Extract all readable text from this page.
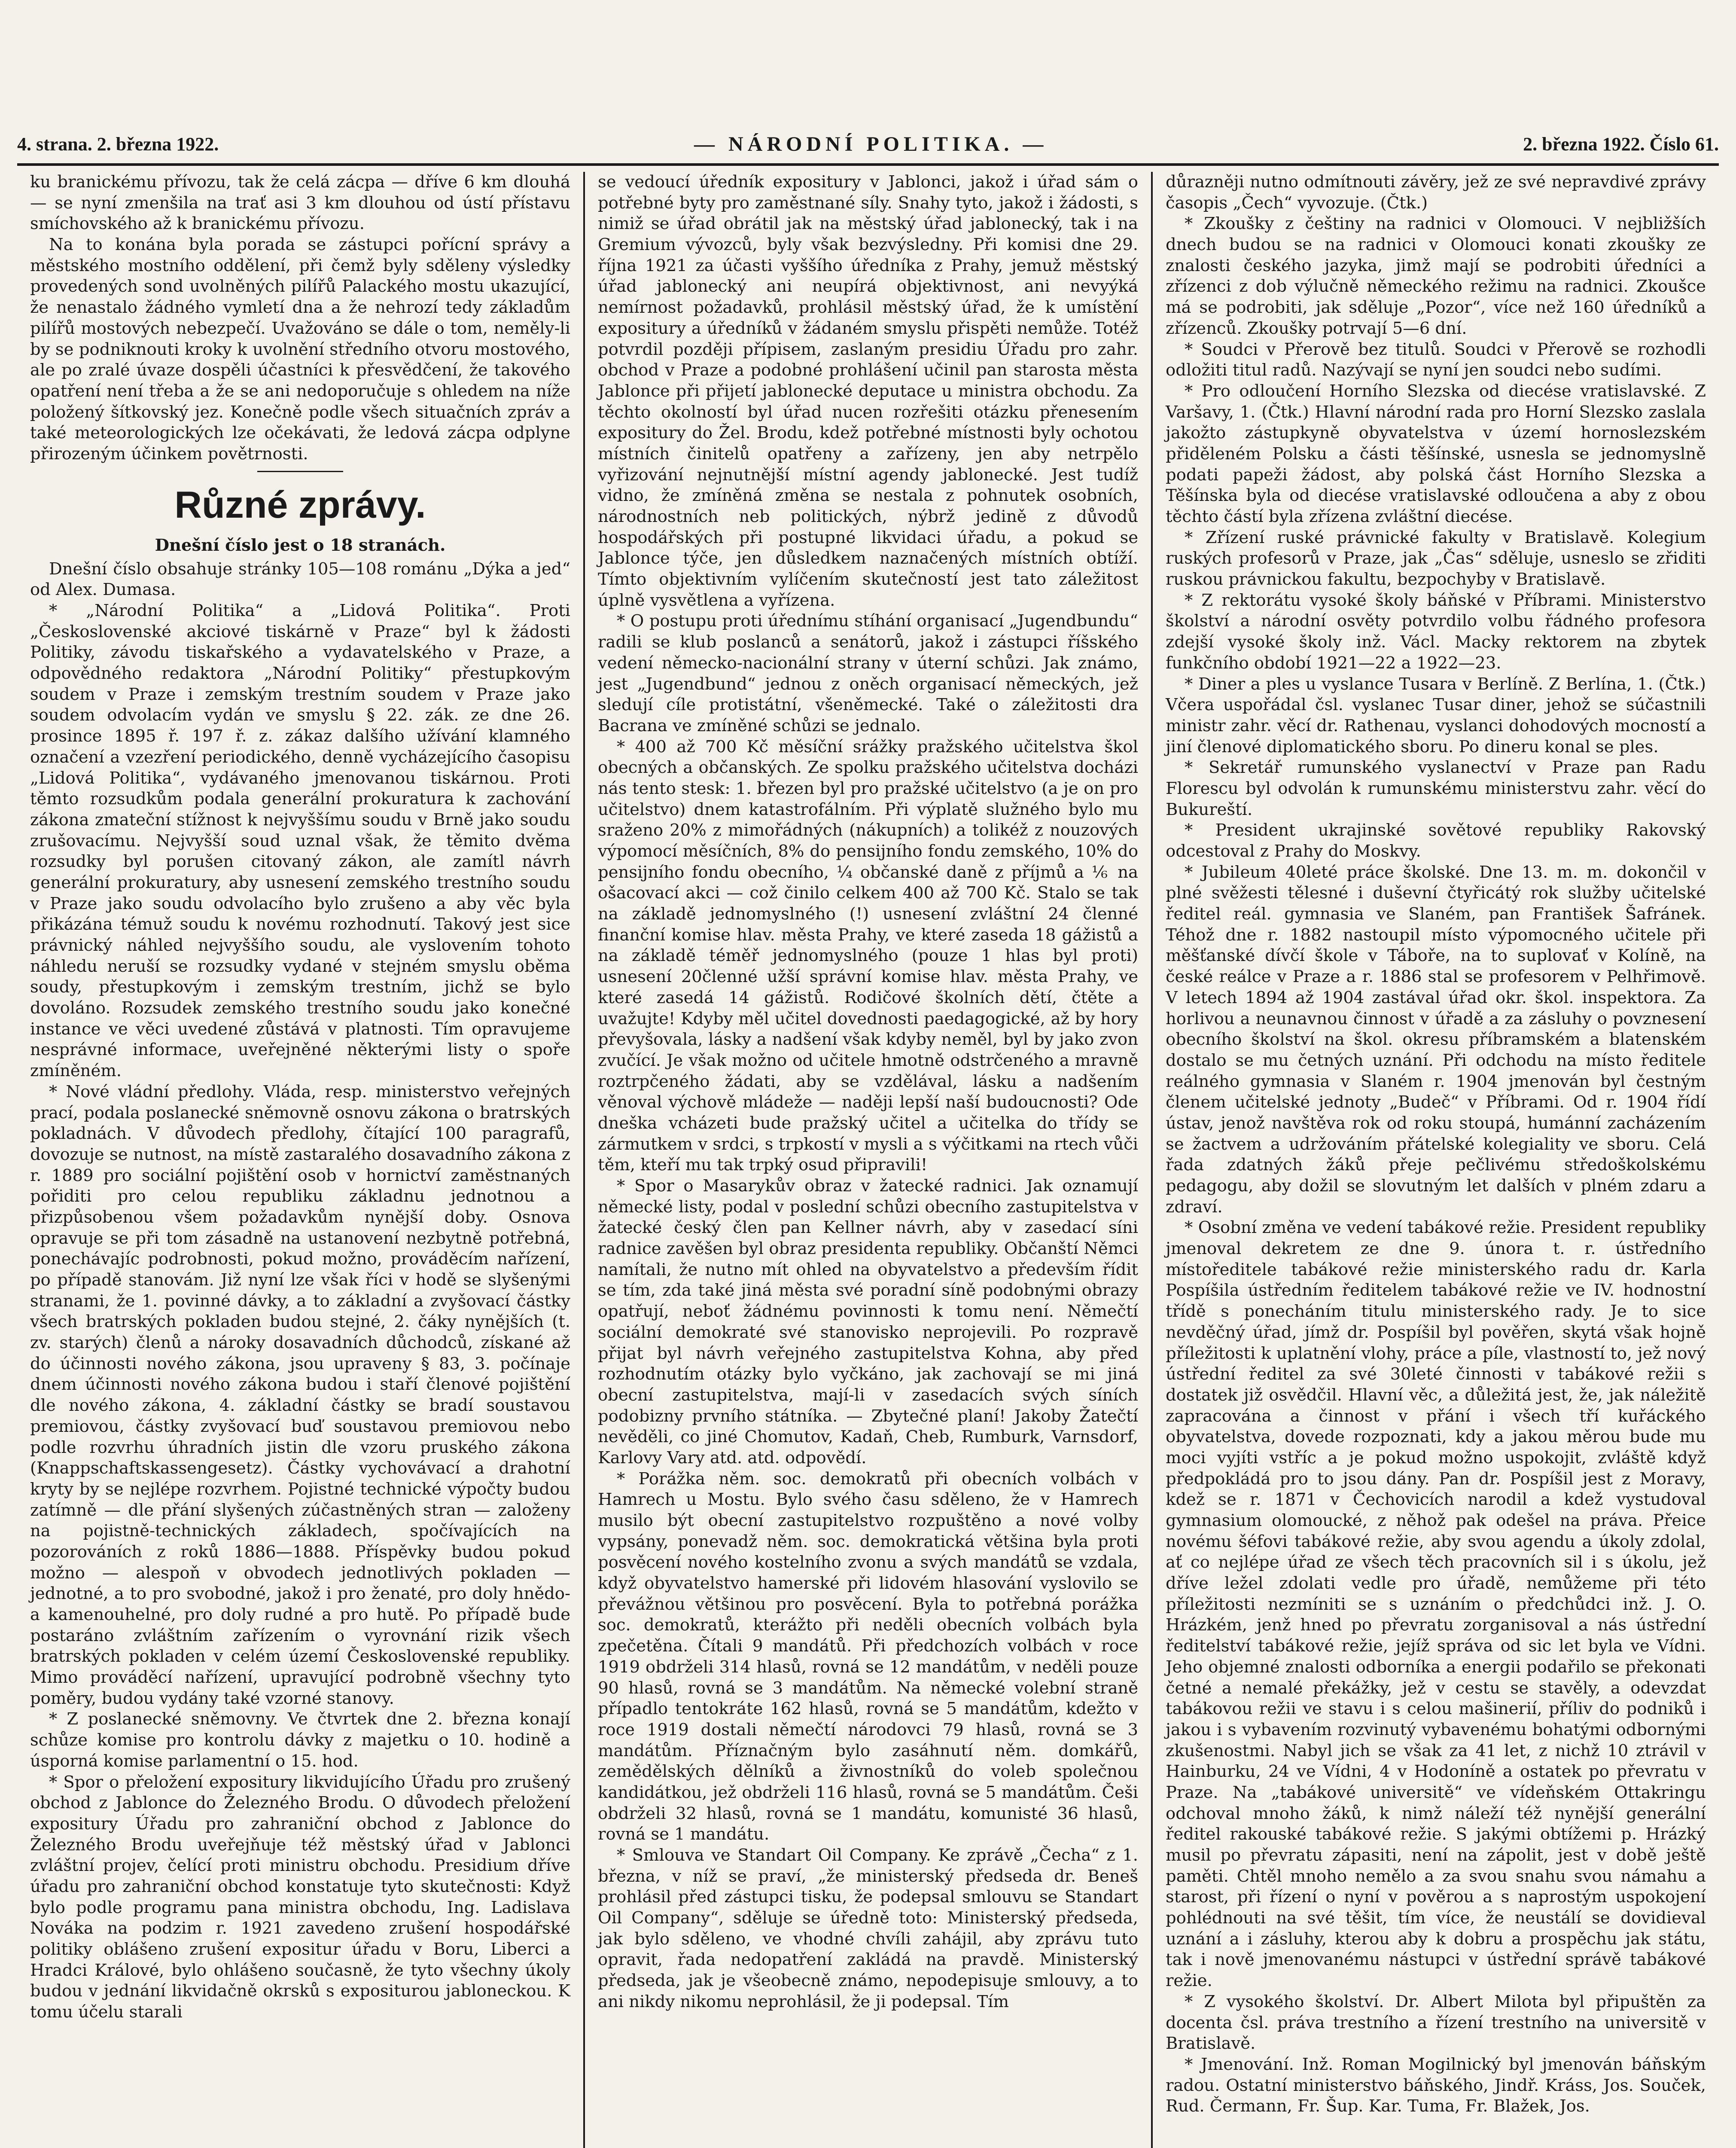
4. strana. 2. března 1922.	— NÁRODNÍ POLITIKA. —	2. března 1922. Číslo 61.

ku branickému přívozu, tak že celá zácpa — dříve 6 km dlouhá — se nyní zmenšila na trať asi 3 km dlouhou od ústí přístavu smíchovského až k branickému přívozu.

Na to konána byla porada se zástupci pořícní správy a městského mostního oddělení, při čemž byly sděleny výsledky provedených sond uvolněných pilířů Palackého mostu ukazující, že nenastalo žádného vymletí dna a že nehrozí tedy základům pilířů mostových nebezpečí. Uvažováno se dále o tom, neměly-li by se podniknouti kroky k uvolnění středního otvoru mostového, ale po zralé úvaze dospěli účastníci k přesvědčení, že takového opatření není třeba a že se ani nedoporučuje s ohledem na níže položený šítkovský jez. Konečně podle všech situačních zpráv a také meteorologických lze očekávati, že ledová zácpa odplyne přirozeným účinkem povětrnosti.

Různé zprávy.
Dnešní číslo jest o 18 stranách.

Dnešní číslo obsahuje stránky 105—108 románu „Dýka a jed“ od Alex. Dumasa.

* „Národní Politika“ a „Lidová Politika“. Proti „Československé akciové tiskárně v Praze“ byl k žádosti Politiky, závodu tiskařského a vydavatelského v Praze, a odpovědného redaktora „Národní Politiky“ přestupkovým soudem v Praze i zemským trestním soudem v Praze jako soudem odvolacím vydán ve smyslu § 22. zák. ze dne 26. prosince 1895 ř. 197 ř. z. zákaz dalšího užívání klamného označení a vzezření periodického, denně vycházejícího časopisu „Lidová Politika“, vydávaného jmenovanou tiskárnou. Proti těmto rozsudkům podala generální prokuratura k zachování zákona zmateční stížnost k nejvyššímu soudu v Brně jako soudu zrušovacímu. Nejvyšší soud uznal však, že těmito dvěma rozsudky byl porušen citovaný zákon, ale zamítl návrh generální prokuratury, aby usnesení zemského trestního soudu v Praze jako soudu odvolacího bylo zrušeno a aby věc byla přikázána témuž soudu k novému rozhodnutí. Takový jest sice právnický náhled nejvyššího soudu, ale vyslovením tohoto náhledu neruší se rozsudky vydané v stejném smyslu oběma soudy, přestupkovým i zemským trestním, jichž se bylo dovoláno. Rozsudek zemského trestního soudu jako konečné instance ve věci uvedené zůstává v platnosti. Tím opravujeme nesprávné informace, uveřejněné některými listy o spoře zmíněném.

* Nové vládní předlohy. Vláda, resp. ministerstvo veřejných prací, podala poslanecké sněmovně osnovu zákona o bratrských pokladnách. V důvodech předlohy, čítající 100 paragrafů, dovozuje se nutnost, na místě zastaralého dosavadního zákona z r. 1889 pro sociální pojištění osob v hornictví zaměstnaných pořiditi pro celou republiku základnu jednotnou a přizpůsobenou všem požadavkům nynější doby. Osnova opravuje se při tom zásadně na ustanovení nezbytně potřebná, ponechávajíc podrobnosti, pokud možno, prováděcím nařízení, po případě stanovám. Již nyní lze však říci v hodě se slyšenými stranami, že 1. povinné dávky, a to základní a zvyšovací částky všech bratrských pokladen budou stejné, 2. čáky nynějších (t. zv. starých) členů a nároky dosavadních důchodců, získané až do účinnosti nového zákona, jsou upraveny § 83, 3. počínaje dnem účinnosti nového zákona budou i staří členové pojištění dle nového zákona, 4. základní částky se bradí soustavou premiovou, částky zvyšovací buď soustavou premiovou nebo podle rozvrhu úhradních jistin dle vzoru pruského zákona (Knappschaftskassengesetz). Částky vychovávací a drahotní kryty by se nejlépe rozvrhem. Pojistné technické výpočty budou zatímně — dle přání slyšených zúčastněných stran — založeny na pojistně-technických základech, spočívajících na pozorováních z roků 1886—1888. Příspěvky budou pokud možno — alespoň v obvodech jednotlivých pokladen — jednotné, a to pro svobodné, jakož i pro ženaté, pro doly hnědo- a kamenouhelné, pro doly rudné a pro hutě. Po případě bude postaráno zvláštním zařízením o vyrovnání rizik všech bratrských pokladen v celém území Československé republiky. Mimo prováděcí nařízení, upravující podrobně všechny tyto poměry, budou vydány také vzorné stanovy.

* Z poslanecké sněmovny. Ve čtvrtek dne 2. března konají schůze komise pro kontrolu dávky z majetku o 10. hodině a úsporná komise parlamentní o 15. hod.

* Spor o přeložení expositury likvidujícího Úřadu pro zrušený obchod z Jablonce do Železného Brodu. O důvodech přeložení expositury Úřadu pro zahraniční obchod z Jablonce do Železného Brodu uveřejňuje též městský úřad v Jablonci zvláštní projev, čelící proti ministru obchodu. Presidium dříve úřadu pro zahraniční obchod konstatuje tyto skutečnosti: Když bylo podle programu pana ministra obchodu, Ing. Ladislava Nováka na podzim r. 1921 zavedeno zrušení hospodářské politiky oblášeno zrušení expositur úřadu v Boru, Liberci a Hradci Králové, bylo ohlášeno současně, že tyto všechny úkoly budou v jednání likvidačně okrsků s expositurou jabloneckou. K tomu účelu starali

se vedoucí úředník expositury v Jablonci, jakož i úřad sám o potřebné byty pro zaměstnané síly. Snahy tyto, jakož i žádosti, s nimiž se úřad obrátil jak na městský úřad jablonecký, tak i na Gremium vývozců, byly však bezvýsledny. Při komisi dne 29. října 1921 za účasti vyššího úředníka z Prahy, jemuž městský úřad jablonecký ani neupírá objektivnost, ani nevyýká nemírnost požadavků, prohlásil městský úřad, že k umístění expositury a úředníků v žádaném smyslu přispěti nemůže. Totéž potvrdil později přípisem, zaslaným presidiu Úřadu pro zahr. obchod v Praze a podobné prohlášení učinil pan starosta města Jablonce při přijetí jablonecké deputace u ministra obchodu. Za těchto okolností byl úřad nucen rozřešiti otázku přenesením expositury do Žel. Brodu, kdež potřebné místnosti byly ochotou místních činitelů opatřeny a zařízeny, jen aby netrpělo vyřizování nejnutnější místní agendy jablonecké. Jest tudíž vidno, že zmíněná změna se nestala z pohnutek osobních, národnostních neb politických, nýbrž jedině z důvodů hospodářských při postupné likvidaci úřadu, a pokud se Jablonce týče, jen důsledkem naznačených místních obtíží. Tímto objektivním vylíčením skutečností jest tato záležitost úplně vysvětlena a vyřízena.

* O postupu proti úřednímu stíhání organisací „Jugendbundu“ radili se klub poslanců a senátorů, jakož i zástupci říšského vedení německo-nacionální strany v úterní schůzi. Jak známo, jest „Jugendbund“ jednou z oněch organisací německých, jež sledují cíle protistátní, všeněmecké. Také o záležitosti dra Bacrana ve zmíněné schůzi se jednalo.

* 400 až 700 Kč měsíční srážky pražského učitelstva škol obecných a občanských. Ze spolku pražského učitelstva docházi nás tento stesk: 1. březen byl pro pražské učitelstvo (a je on pro učitelstvo) dnem katastrofálním. Při výplatě služného bylo mu sraženo 20% z mimořádných (nákupních) a tolikéž z nouzových výpomocí měsíčních, 8% do pensijního fondu zemského, 10% do pensijního fondu obecního, ¼ občanské daně z příjmů a ⅙ na ošacovací akci — což činilo celkem 400 až 700 Kč. Stalo se tak na základě jednomyslného (!) usnesení zvláštní 24 členné finanční komise hlav. města Prahy, ve které zaseda 18 gážistů a na základě téměř jednomyslného (pouze 1 hlas byl proti) usnesení 20členné užší správní komise hlav. města Prahy, ve které zasedá 14 gážistů. Rodičové školních dětí, čtěte a uvažujte! Kdyby měl učitel dovednosti paedagogické, až by hory převyšovala, lásky a nadšení však kdyby neměl, byl by jako zvon zvučící. Je však možno od učitele hmotně odstrčeného a mravně roztrpčeného žádati, aby se vzdělával, lásku a nadšením věnoval výchově mládeže — naději lepší naší budoucnosti? Ode dneška vcházeti bude pražský učitel a učitelka do třídy se zármutkem v srdci, s trpkostí v mysli a s výčitkami na rtech vůči těm, kteří mu tak trpký osud připravili!

* Spor o Masarykův obraz v žatecké radnici. Jak oznamují německé listy, podal v poslední schůzi obecního zastupitelstva v žatecké český člen pan Kellner návrh, aby v zasedací síni radnice zavěšen byl obraz presidenta republiky. Občanští Němci namítali, že nutno mít ohled na obyvatelstvo a především řídit se tím, zda také jiná města své poradní síně podobnými obrazy opatřují, neboť žádnému povinnosti k tomu není. Němečtí sociální demokraté své stanovisko neprojevili. Po rozpravě přijat byl návrh veřejného zastupitelstva Kohna, aby před rozhodnutím otázky bylo vyčkáno, jak zachovají se mi jiná obecní zastupitelstva, mají-li v zasedacích svých síních podobizny prvního státníka. — Zbytečné planí! Jakoby Žatečtí nevěděli, co jiné Chomutov, Kadaň, Cheb, Rumburk, Varnsdorf, Karlovy Vary atd. atd. odpovědí.

* Porážka něm. soc. demokratů při obecních volbách v Hamrech u Mostu. Bylo svého času sděleno, že v Hamrech musilo být obecní zastupitelstvo rozpuštěno a nové volby vypsány, ponevadž něm. soc. demokratická většina byla proti posvěcení nového kostelního zvonu a svých mandátů se vzdala, když obyvatelstvo hamerské při lidovém hlasování vyslovilo se převážnou většinou pro posvěcení. Byla to potřebná porážka soc. demokratů, kterážto při neděli obecních volbách byla zpečetěna. Čítali 9 mandátů. Při předchozích volbách v roce 1919 obdrželi 314 hlasů, rovná se 12 mandátům, v neděli pouze 90 hlasů, rovná se 3 mandátům. Na německé volební straně případlo tentokráte 162 hlasů, rovná se 5 mandátům, kdežto v roce 1919 dostali němečtí národovci 79 hlasů, rovná se 3 mandátům. Příznačným bylo zasáhnutí něm. domkářů, zemědělských dělníků a živnostníků do voleb společnou kandidátkou, jež obdrželi 116 hlasů, rovná se 5 mandátům. Češi obdrželi 32 hlasů, rovná se 1 mandátu, komunisté 36 hlasů, rovná se 1 mandátu.

* Smlouva ve Standart Oil Company. Ke zprávě „Čecha“ z 1. března, v níž se praví, „že ministerský předseda dr. Beneš prohlásil před zástupci tisku, že podepsal smlouvu se Standart Oil Company“, sděluje se úředně toto: Ministerský předseda, jak bylo sděleno, ve vhodné chvíli zahájil, aby zprávu tuto opravit, řada nedopatření zakládá na pravdě. Ministerský předseda, jak je všeobecně známo, nepodepisuje smlouvy, a to ani nikdy nikomu neprohlásil, že ji podepsal. Tím

důrazněji nutno odmítnouti závěry, jež ze své nepravdivé zprávy časopis „Čech“ vyvozuje. (Čtk.)

* Zkoušky z češtiny na radnici v Olomouci. V nejbližších dnech budou se na radnici v Olomouci konati zkoušky ze znalosti českého jazyka, jimž mají se podrobiti úředníci a zřízenci z dob výlučně německého režimu na radnici. Zkoušce má se podrobiti, jak sděluje „Pozor“, více než 160 úředníků a zřízenců. Zkoušky potrvají 5—6 dní.

* Soudci v Přerově bez titulů. Soudci v Přerově se rozhodli odložiti titul radů. Nazývají se nyní jen soudci nebo sudími.

* Pro odloučení Horního Slezska od diecése vratislavské. Z Varšavy, 1. (Čtk.) Hlavní národní rada pro Horní Slezsko zaslala jakožto zástupkyně obyvatelstva v území hornoslezském přiděleném Polsku a části těšínské, usnesla se jednomyslně podati papeži žádost, aby polská část Horního Slezska a Těšínska byla od diecése vratislavské odloučena a aby z obou těchto částí byla zřízena zvláštní diecése.

* Zřízení ruské právnické fakulty v Bratislavě. Kolegium ruských profesorů v Praze, jak „Čas“ sděluje, usneslo se zřiditi ruskou právnickou fakultu, bezpochyby v Bratislavě.

* Z rektorátu vysoké školy báňské v Příbrami. Ministerstvo školství a národní osvěty potvrdilo volbu řádného profesora zdejší vysoké školy inž. Václ. Macky rektorem na zbytek funkčního období 1921—22 a 1922—23.

* Diner a ples u vyslance Tusara v Berlíně. Z Berlína, 1. (Čtk.) Včera uspořádal čsl. vyslanec Tusar diner, jehož se súčastnili ministr zahr. věcí dr. Rathenau, vyslanci dohodových mocností a jiní členové diplomatického sboru. Po dineru konal se ples.

* Sekretář rumunského vyslanectví v Praze pan Radu Florescu byl odvolán k rumunskému ministerstvu zahr. věcí do Bukureští.

* President ukrajinské sovětové republiky Rakovský odcestoval z Prahy do Moskvy.

* Jubileum 40leté práce školské. Dne 13. m. m. dokončil v plné svěžesti tělesné i duševní čtyřicátý rok služby učitelské ředitel reál. gymnasia ve Slaném, pan František Šafránek. Téhož dne r. 1882 nastoupil místo výpomocného učitele při měšťanské dívčí škole v Táboře, na to suplovať v Kolíně, na české reálce v Praze a r. 1886 stal se profesorem v Pelhřimově. V letech 1894 až 1904 zastával úřad okr. škol. inspektora. Za horlivou a neunavnou činnost v úřadě a za zásluhy o povznesení obecního školství na škol. okresu příbramském a blatenském dostalo se mu četných uznání. Při odchodu na místo ředitele reálného gymnasia v Slaném r. 1904 jmenován byl čestným členem učitelské jednoty „Budeč“ v Příbrami. Od r. 1904 řídí ústav, jenož navštěva rok od roku stoupá, humánní zacházením se žactvem a udržováním přátelské kolegiality ve sboru. Celá řada zdatných žáků přejе pečlivému středoškolskému pedagogu, aby dožil se slovutným let dalších v plném zdaru a zdraví.

* Osobní změna ve vedení tabákové režie. President republiky jmenoval dekretem ze dne 9. února t. r. ústředního místoředitele tabákové režie ministerského radu dr. Karla Pospíšila ústředním ředitelem tabákové režie ve IV. hodnostní třídě s ponecháním titulu ministerského rady. Je to sice nevděčný úřad, jímž dr. Pospíšil byl pověřen, skytá však hojně příležitosti k uplatnění vlohy, práce a píle, vlastností to, jež nový ústřední ředitel za své 30leté činnosti v tabákové režii s dostatek již osvědčil. Hlavní věc, a důležitá jest, že, jak náležitě zapracována a činnost v přání i všech tří kuřáckého obyvatelstva, dovede rozpoznati, kdy a jakou měrou bude mu moci vyjíti vstříc a je pokud možno uspokojit, zvláště když předpokládá pro to jsou dány. Pan dr. Pospíšil jest z Moravy, kdež se r. 1871 v Čechovicích narodil a kdež vystudoval gymnasium olomoucké, z něhož pak odešel na práva. Přeice novému šéfovi tabákové režie, aby svou agendu a úkoly zdolal, ať co nejlépe úřad ze všech těch pracovních sil i s úkolu, jež dříve ležel zdolati vedle pro úřadě, nemůžeme při této příležitosti nezmíniti se s uznáním o předchůdci inž. J. O. Hrázkém, jenž hned po převratu zorganisoval a nás ústřední ředitelství tabákové režie, jejíž správa od sic let byla ve Vídni. Jeho objemné znalosti odborníka a energii podařilo se překonati četné a nemalé překážky, jež v cestu se stavěly, a odevzdat tabákovou režii ve stavu i s celou mašinerií, příliv do podniků i jakou i s vybavením rozvinutý vybavenému bohatými odbornými zkušenostmi. Nabyl jich se však za 41 let, z nichž 10 ztrávil v Hainburku, 24 ve Vídni, 4 v Hodoníně a ostatek po převratu v Praze. Na „tabákové universitě“ ve vídeňském Ottakringu odchoval mnoho žáků, k nimž náleží též nynější generální ředitel rakouské tabákové režie. S jakými obtížemi p. Hrázký musil po převratu zápasiti, není na zápolit, jest v době ještě paměti. Chtěl mnoho nemělo a za svou snahu svou námahu a starost, při řízení o nyní v pověrou a s naprostým uspokojení pohlédnouti na své těšit, tím více, že neustálí se dovidieval uznání a i zásluhy, kterou aby k dobru a prospěchu jak státu, tak i nově jmenovanému nástupci v ústřední správě tabákové režie.

* Z vysokého školství. Dr. Albert Milota byl připuštěn za docenta čsl. práva trestního a řízení trestního na universitě v Bratislavě.

* Jmenování. Inž. Roman Mogilnický byl jmenován báňským radou. Ostatní ministerstvo báňského, Jindř. Kráss, Jos. Souček, Rud. Čermann, Fr. Šup. Kar. Tuma, Fr. Blažek, Jos.
